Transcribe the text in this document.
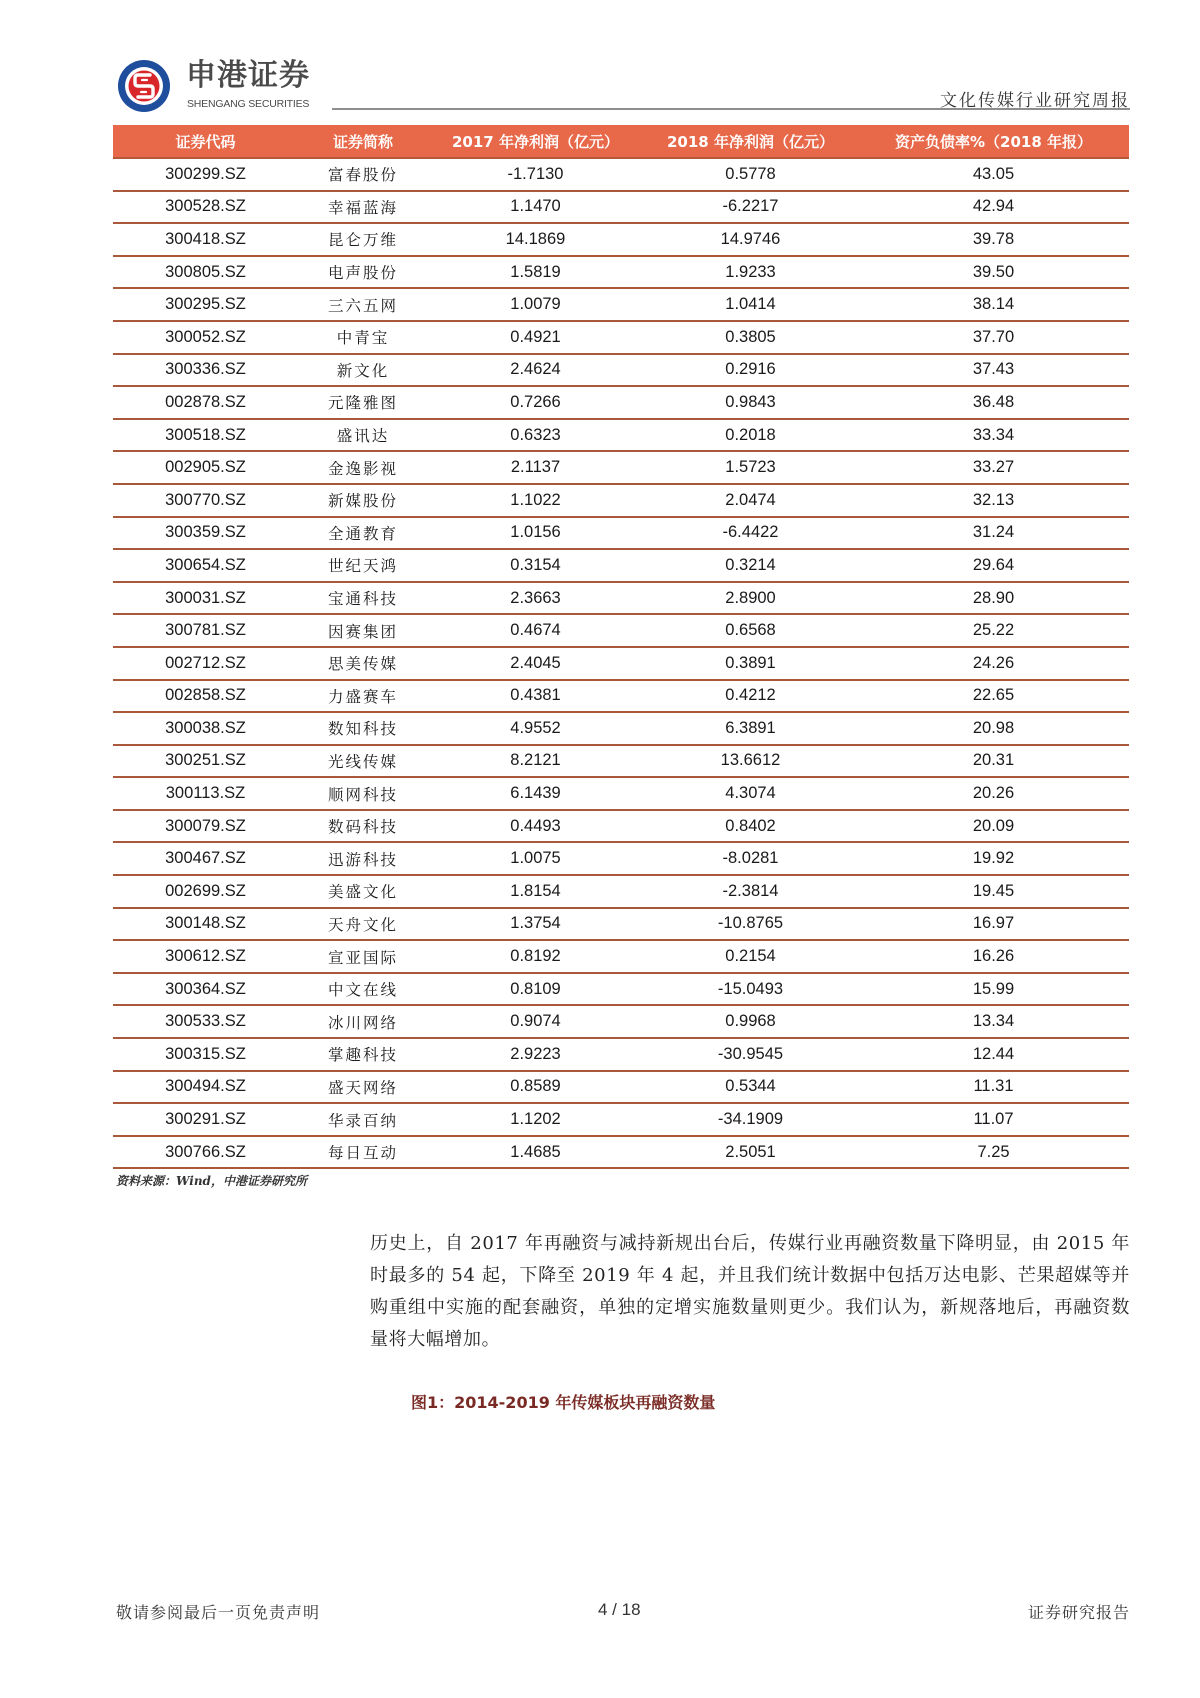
申港证券
SHENGANG SECURITIES	文化传媒行业研究周报
证券代码	证券简称	2017 年净利润（亿元）	2018 年净利润（亿元）	资产负债率%（2018 年报）
300299.SZ	富春股份	-1.7130	0.5778	43.05
300528.SZ	幸福蓝海	1.1470	-6.2217	42.94
300418.SZ	昆仑万维	14.1869	14.9746	39.78
300805.SZ	电声股份	1.5819	1.9233	39.50
300295.SZ	三六五网	1.0079	1.0414	38.14
300052.SZ	中青宝	0.4921	0.3805	37.70
300336.SZ	新文化	2.4624	0.2916	37.43
002878.SZ	元隆雅图	0.7266	0.9843	36.48
300518.SZ	盛讯达	0.6323	0.2018	33.34
002905.SZ	金逸影视	2.1137	1.5723	33.27
300770.SZ	新媒股份	1.1022	2.0474	32.13
300359.SZ	全通教育	1.0156	-6.4422	31.24
300654.SZ	世纪天鸿	0.3154	0.3214	29.64
300031.SZ	宝通科技	2.3663	2.8900	28.90
300781.SZ	因赛集团	0.4674	0.6568	25.22
002712.SZ	思美传媒	2.4045	0.3891	24.26
002858.SZ	力盛赛车	0.4381	0.4212	22.65
300038.SZ	数知科技	4.9552	6.3891	20.98
300251.SZ	光线传媒	8.2121	13.6612	20.31
300113.SZ	顺网科技	6.1439	4.3074	20.26
300079.SZ	数码科技	0.4493	0.8402	20.09
300467.SZ	迅游科技	1.0075	-8.0281	19.92
002699.SZ	美盛文化	1.8154	-2.3814	19.45
300148.SZ	天舟文化	1.3754	-10.8765	16.97
300612.SZ	宣亚国际	0.8192	0.2154	16.26
300364.SZ	中文在线	0.8109	-15.0493	15.99
300533.SZ	冰川网络	0.9074	0.9968	13.34
300315.SZ	掌趣科技	2.9223	-30.9545	12.44
300494.SZ	盛天网络	0.8589	0.5344	11.31
300291.SZ	华录百纳	1.1202	-34.1909	11.07
300766.SZ	每日互动	1.4685	2.5051	7.25
资料来源：Wind，中港证券研究所
历史上，自 2017 年再融资与减持新规出台后，传媒行业再融资数量下降明显，由 2015 年时最多的 54 起，下降至 2019 年 4 起，并且我们统计数据中包括万达电影、芒果超媒等并购重组中实施的配套融资，单独的定增实施数量则更少。我们认为，新规落地后，再融资数量将大幅增加。
图1：2014-2019 年传媒板块再融资数量
敬请参阅最后一页免责声明	4 / 18	证券研究报告
